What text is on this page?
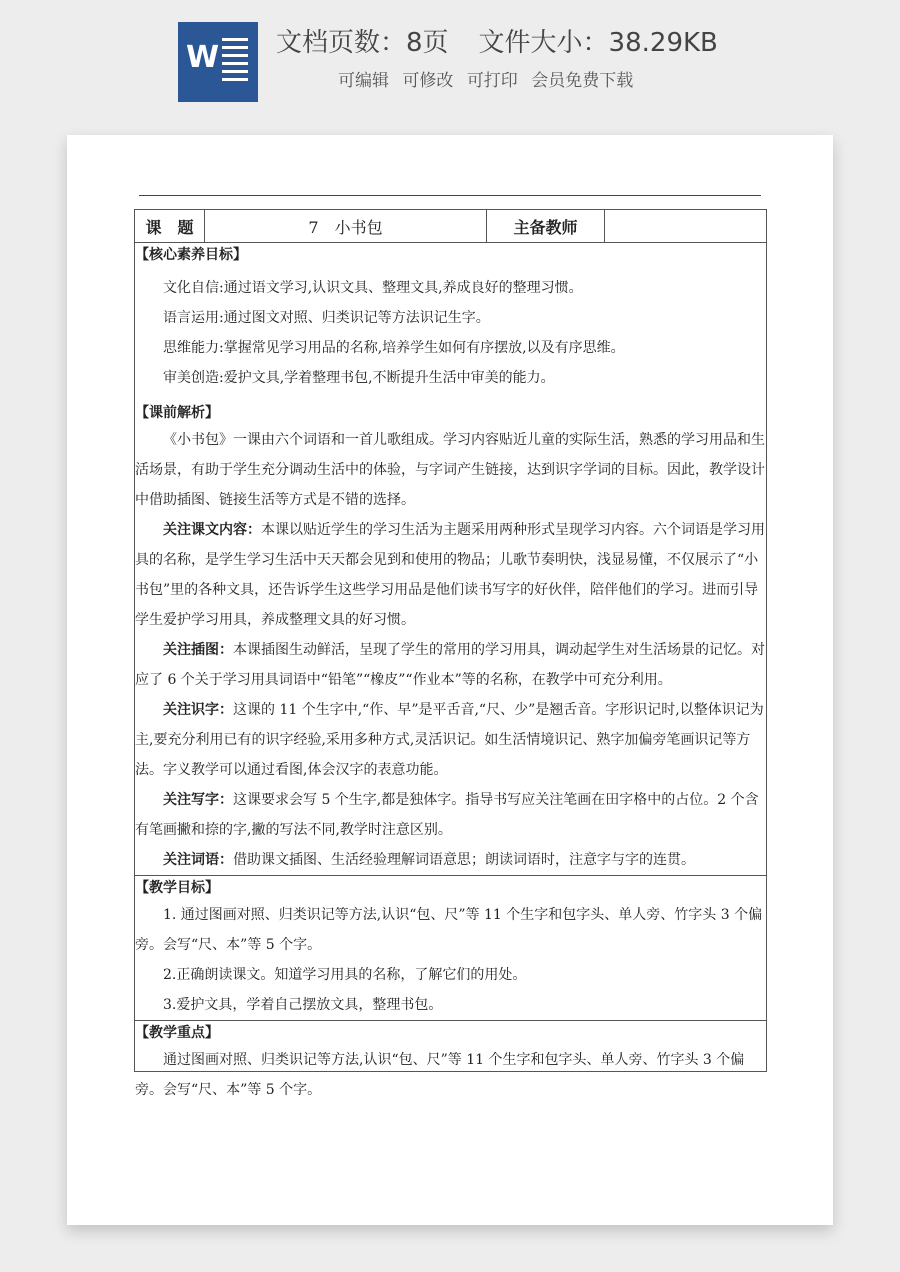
W 文档页数：8页 文件大小：38.29KB
可编辑 可修改 可打印 会员免费下载
课　题	7　小书包	主备教师	

【核心素养目标】

文化自信:通过语文学习,认识文具、整理文具,养成良好的整理习惯。

语言运用:通过图文对照、归类识记等方法识记生字。

思维能力:掌握常见学习用品的名称,培养学生如何有序摆放,以及有序思维。

审美创造:爱护文具,学着整理书包,不断提升生活中审美的能力。

【课前解析】

《小书包》一课由六个词语和一首儿歌组成。学习内容贴近儿童的实际生活，熟悉的学习用品和生活场景，有助于学生充分调动生活中的体验，与字词产生链接，达到识字学词的目标。因此，教学设计中借助插图、链接生活等方式是不错的选择。

关注课文内容：本课以贴近学生的学习生活为主题采用两种形式呈现学习内容。六个词语是学习用具的名称，是学生学习生活中天天都会见到和使用的物品；儿歌节奏明快，浅显易懂，不仅展示了“小书包”里的各种文具，还告诉学生这些学习用品是他们读书写字的好伙伴，陪伴他们的学习。进而引导学生爱护学习用具，养成整理文具的好习惯。

关注插图：本课插图生动鲜活，呈现了学生的常用的学习用具，调动起学生对生活场景的记忆。对应了 6 个关于学习用具词语中“铅笔”“橡皮”“作业本”等的名称，在教学中可充分利用。

关注识字：这课的 11 个生字中,“作、早”是平舌音,“尺、少”是翘舌音。字形识记时,以整体识记为主,要充分利用已有的识字经验,采用多种方式,灵活识记。如生活情境识记、熟字加偏旁笔画识记等方法。字义教学可以通过看图,体会汉字的表意功能。

关注写字：这课要求会写 5 个生字,都是独体字。指导书写应关注笔画在田字格中的占位。2 个含有笔画撇和捺的字,撇的写法不同,教学时注意区别。

关注词语：借助课文插图、生活经验理解词语意思；朗读词语时，注意字与字的连贯。

【教学目标】

1. 通过图画对照、归类识记等方法,认识“包、尺”等 11 个生字和包字头、单人旁、竹字头 3 个偏旁。会写“尺、本”等 5 个字。

2.正确朗读课文。知道学习用具的名称，了解它们的用处。

3.爱护文具，学着自己摆放文具，整理书包。

【教学重点】

通过图画对照、归类识记等方法,认识“包、尺”等 11 个生字和包字头、单人旁、竹字头 3 个偏旁。会写“尺、本”等 5 个字。
